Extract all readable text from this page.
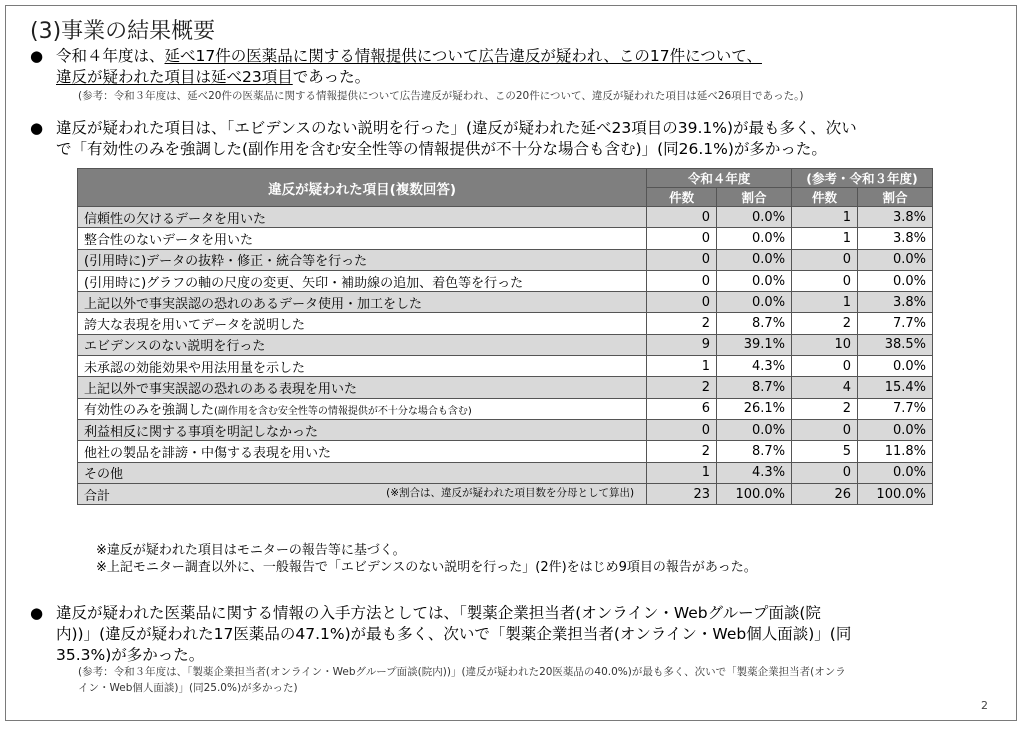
(3)事業の結果概要
● 令和４年度は、延べ17件の医薬品に関する情報提供について広告違反が疑われ、この17件について、
違反が疑われた項目は延べ23項目であった。
(参考：令和３年度は、延べ20件の医薬品に関する情報提供について広告違反が疑われ、この20件について、違反が疑われた項目は延べ26項目であった。)
● 違反が疑われた項目は、「エビデンスのない説明を行った」(違反が疑われた延べ23項目の39.1%)が最も多く、次い
で「有効性のみを強調した(副作用を含む安全性等の情報提供が不十分な場合も含む)」(同26.1%)が多かった。
違反が疑われた項目(複数回答)	令和４年度		(参考・令和３年度)	
	件数	割合	件数	割合
信頼性の欠けるデータを用いた	0	0.0%	1	3.8%
整合性のないデータを用いた	0	0.0%	1	3.8%
(引用時に)データの抜粋・修正・統合等を行った	0	0.0%	0	0.0%
(引用時に)グラフの軸の尺度の変更、矢印・補助線の追加、着色等を行った	0	0.0%	0	0.0%
上記以外で事実誤認の恐れのあるデータ使用・加工をした	0	0.0%	1	3.8%
誇大な表現を用いてデータを説明した	2	8.7%	2	7.7%
エビデンスのない説明を行った	9	39.1%	10	38.5%
未承認の効能効果や用法用量を示した	1	4.3%	0	0.0%
上記以外で事実誤認の恐れのある表現を用いた	2	8.7%	4	15.4%
有効性のみを強調した(副作用を含む安全性等の情報提供が不十分な場合も含む)	6	26.1%	2	7.7%
利益相反に関する事項を明記しなかった	0	0.0%	0	0.0%
他社の製品を誹謗・中傷する表現を用いた	2	8.7%	5	11.8%
その他	1	4.3%	0	0.0%
合計 (※割合は、違反が疑われた項目数を分母として算出)	23	100.0%	26	100.0%
※違反が疑われた項目はモニターの報告等に基づく。
※上記モニター調査以外に、一般報告で「エビデンスのない説明を行った」(2件)をはじめ9項目の報告があった。
● 違反が疑われた医薬品に関する情報の入手方法としては、「製薬企業担当者(オンライン・Webグループ面談(院
内))」(違反が疑われた17医薬品の47.1%)が最も多く、次いで「製薬企業担当者(オンライン・Web個人面談)」(同
35.3%)が多かった。
(参考：令和３年度は、「製薬企業担当者(オンライン・Webグループ面談(院内))」(違反が疑われた20医薬品の40.0%)が最も多く、次いで「製薬企業担当者(オンラ
イン・Web個人面談)」(同25.0%)が多かった)
2
